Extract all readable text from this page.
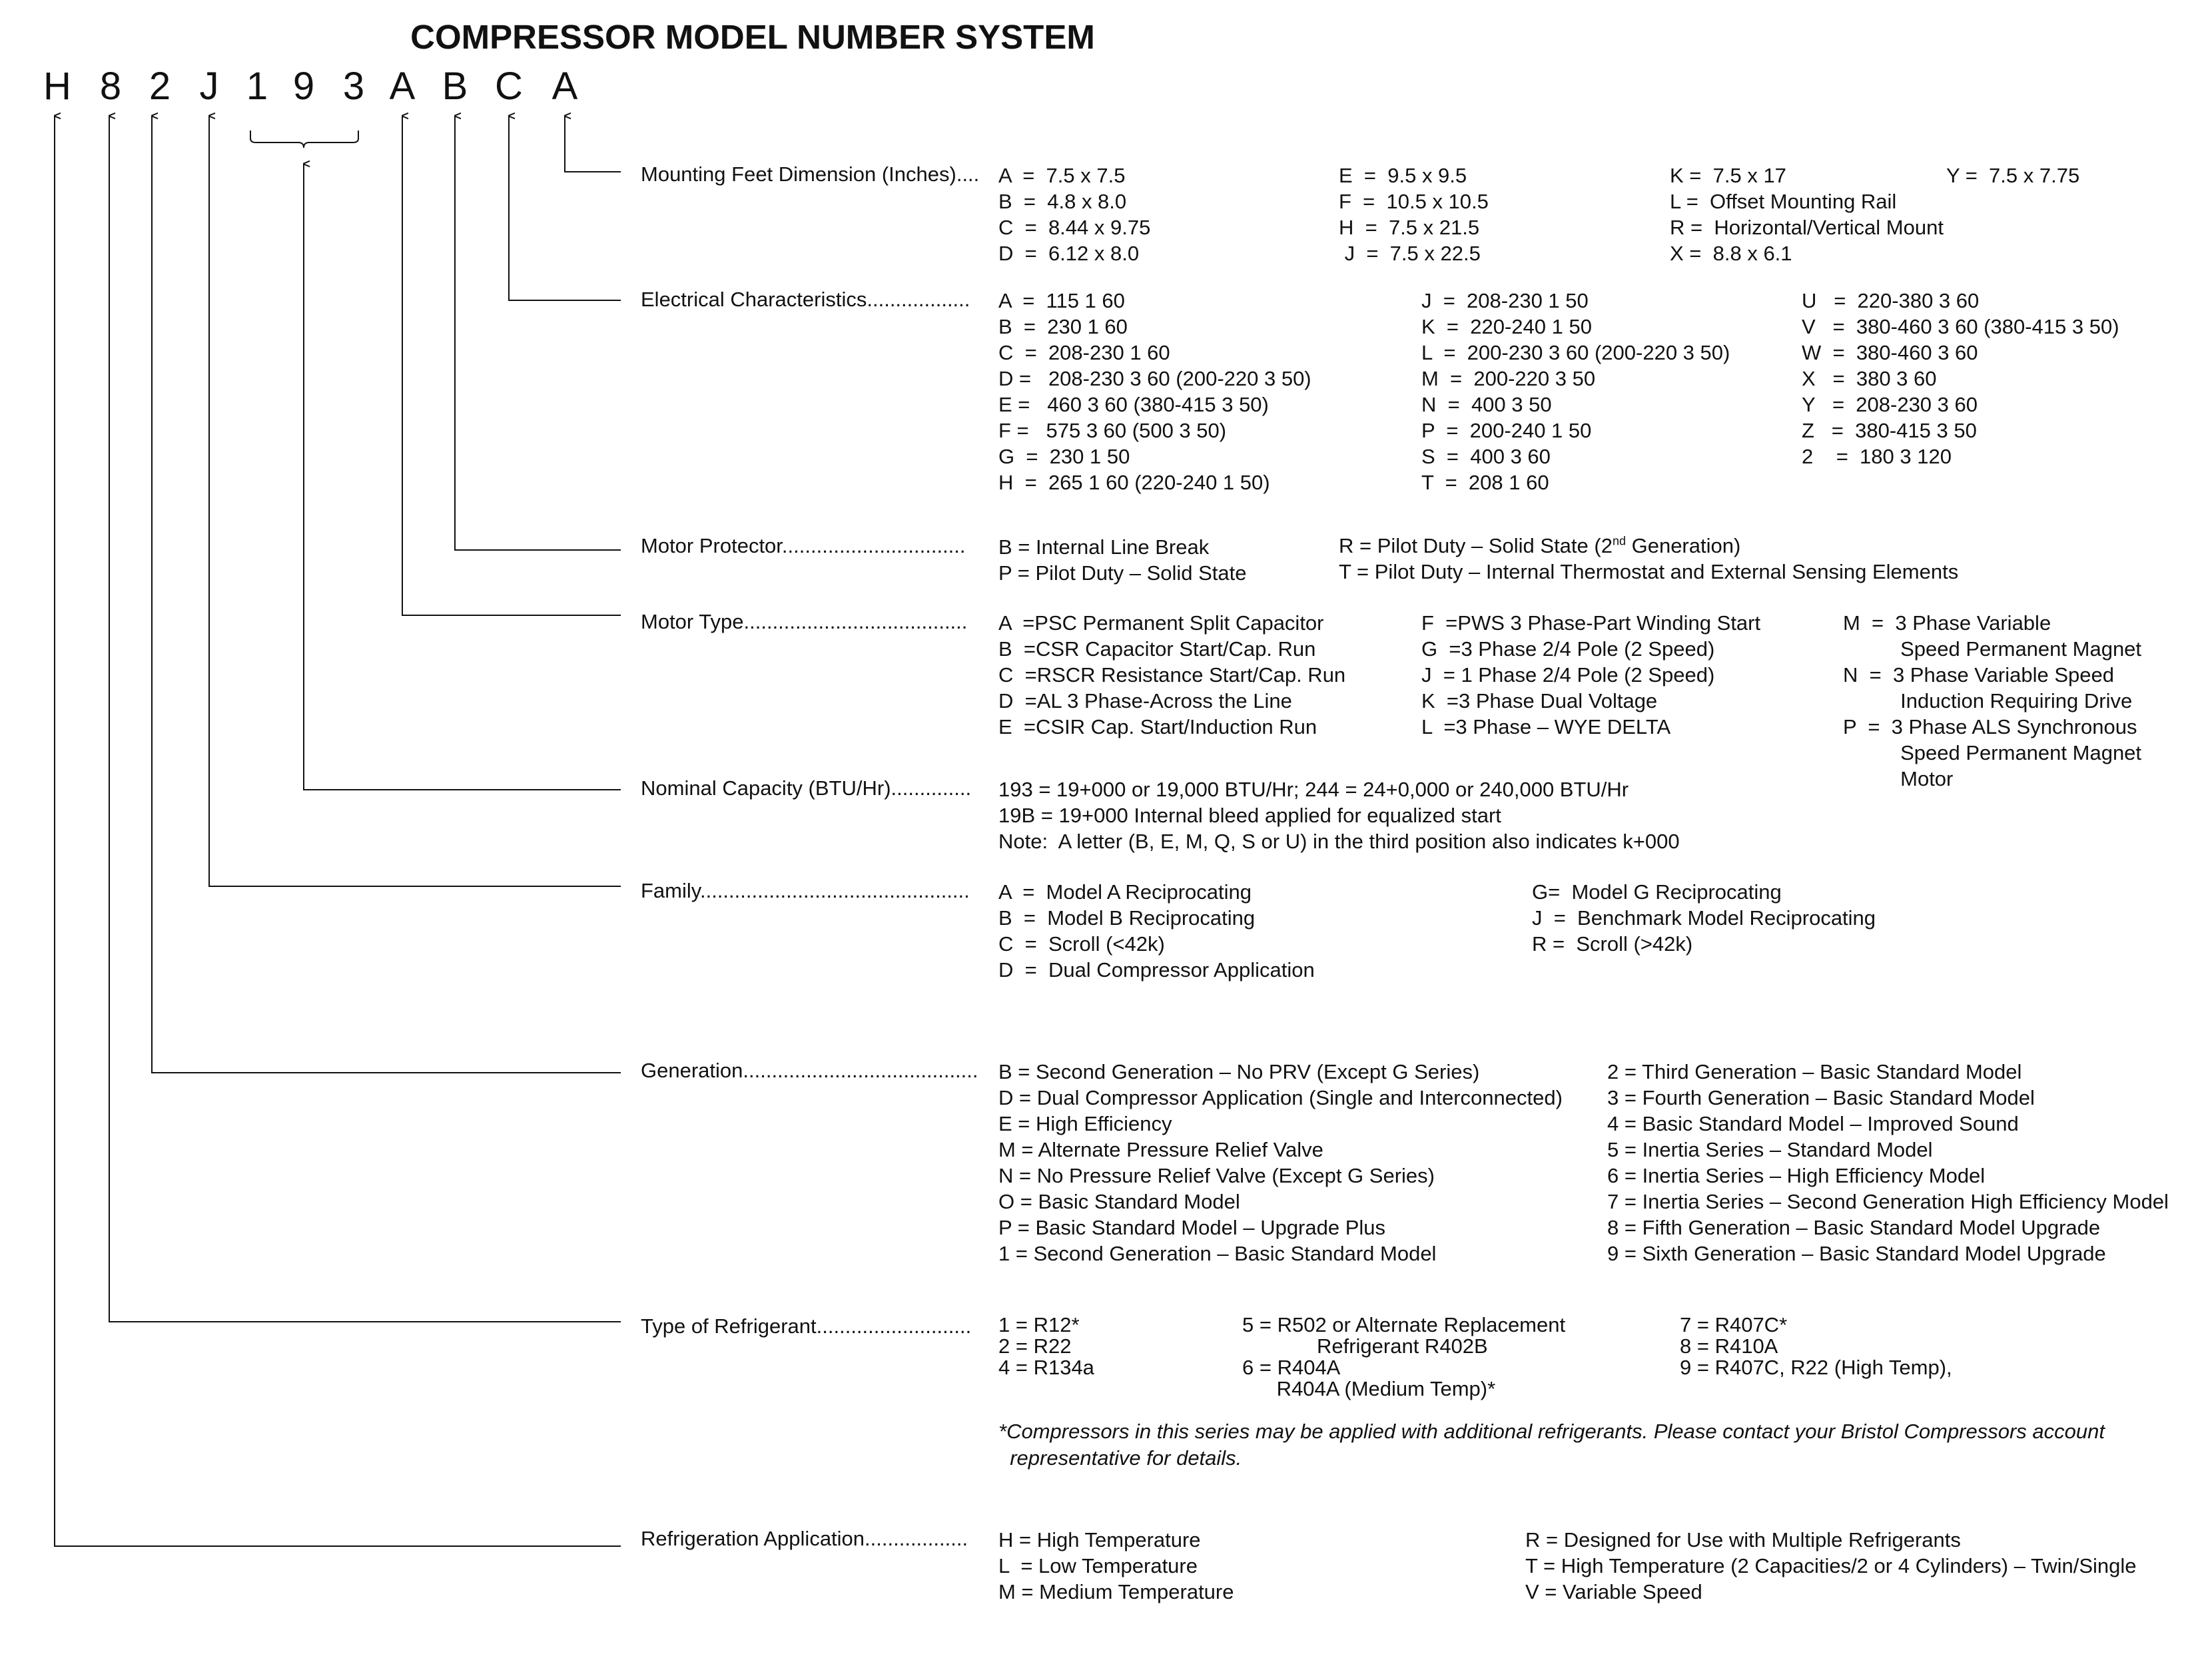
COMPRESSOR MODEL NUMBER SYSTEM
H 8 2 J 1 9 3 A B C A
Mounting Feet Dimension (Inches)....
Electrical Characteristics..................
Motor Protector................................
Motor Type.......................................
Nominal Capacity (BTU/Hr)..............
Family...............................................
Generation.........................................
Type of Refrigerant...........................
Refrigeration Application..................
A  =  7.5 x 7.5
B  =  4.8 x 8.0
C  =  8.44 x 9.75
D  =  6.12 x 8.0
E  =  9.5 x 9.5
F  =  10.5 x 10.5
H  =  7.5 x 21.5
J  =  7.5 x 22.5
K =  7.5 x 17
L =  Offset Mounting Rail
R =  Horizontal/Vertical Mount
X =  8.8 x 6.1
Y =  7.5 x 7.75
A  =  115 1 60
B  =  230 1 60
C  =  208-230 1 60
D =   208-230 3 60 (200-220 3 50)
E =   460 3 60 (380-415 3 50)
F =   575 3 60 (500 3 50)
G  =  230 1 50
H  =  265 1 60 (220-240 1 50)
J  =  208-230 1 50
K  =  220-240 1 50
L  =  200-230 3 60 (200-220 3 50)
M  =  200-220 3 50
N  =  400 3 50
P  =  200-240 1 50
S  =  400 3 60
T  =  208 1 60
U   =  220-380 3 60
V   =  380-460 3 60 (380-415 3 50)
W  =  380-460 3 60
X   =  380 3 60
Y   =  208-230 3 60
Z   =  380-415 3 50
2    =  180 3 120
B = Internal Line Break
P = Pilot Duty – Solid State
R = Pilot Duty – Solid State (2nd Generation)
T = Pilot Duty – Internal Thermostat and External Sensing Elements
A  =PSC Permanent Split Capacitor
B  =CSR Capacitor Start/Cap. Run
C  =RSCR Resistance Start/Cap. Run
D  =AL 3 Phase-Across the Line
E  =CSIR Cap. Start/Induction Run
F  =PWS 3 Phase-Part Winding Start
G  =3 Phase 2/4 Pole (2 Speed)
J  = 1 Phase 2/4 Pole (2 Speed)
K  =3 Phase Dual Voltage
L  =3 Phase – WYE DELTA
M  =  3 Phase Variable
Speed Permanent Magnet
N  =  3 Phase Variable Speed
Induction Requiring Drive
P  =  3 Phase ALS Synchronous
Speed Permanent Magnet
Motor
193 = 19+000 or 19,000 BTU/Hr; 244 = 24+0,000 or 240,000 BTU/Hr
19B = 19+000 Internal bleed applied for equalized start
Note:  A letter (B, E, M, Q, S or U) in the third position also indicates k+000
A  =  Model A Reciprocating
B  =  Model B Reciprocating
C  =  Scroll (<42k)
D  =  Dual Compressor Application
G=  Model G Reciprocating
J  =  Benchmark Model Reciprocating
R =  Scroll (>42k)
B = Second Generation – No PRV (Except G Series)
D = Dual Compressor Application (Single and Interconnected)
E = High Efficiency
M = Alternate Pressure Relief Valve
N = No Pressure Relief Valve (Except G Series)
O = Basic Standard Model
P = Basic Standard Model – Upgrade Plus
1 = Second Generation – Basic Standard Model
2 = Third Generation – Basic Standard Model
3 = Fourth Generation – Basic Standard Model
4 = Basic Standard Model – Improved Sound
5 = Inertia Series – Standard Model
6 = Inertia Series – High Efficiency Model
7 = Inertia Series – Second Generation High Efficiency Model
8 = Fifth Generation – Basic Standard Model Upgrade
9 = Sixth Generation – Basic Standard Model Upgrade
1 = R12*
2 = R22
4 = R134a
5 = R502 or Alternate Replacement
Refrigerant R402B
6 = R404A
R404A (Medium Temp)*
7 = R407C*
8 = R410A
9 = R407C, R22 (High Temp),
*Compressors in this series may be applied with additional refrigerants. Please contact your Bristol Compressors account
representative for details.
H = High Temperature
L  = Low Temperature
M = Medium Temperature
R = Designed for Use with Multiple Refrigerants
T = High Temperature (2 Capacities/2 or 4 Cylinders) – Twin/Single
V = Variable Speed
